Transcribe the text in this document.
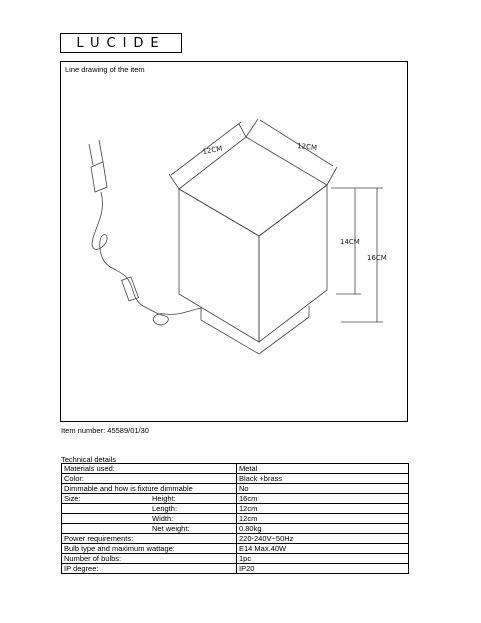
LUCIDE
Line drawing of the item
12CM	12CM
14CM
16CM
Item number: 45589/01/30
Technical details
Materials used:		Metal
Color:		Black +brass
Dimmable and how is fixture dimmable		No
Size:	Height:	16cm
	Length:	12cm
	Width:	12cm
	Net weight:	0.80kg
Power requirements:		220-240V~50Hz
Bulb type and maximum wattage:		E14 Max.40W
Number of bulbs:		1pc
IP degree:		IP20
